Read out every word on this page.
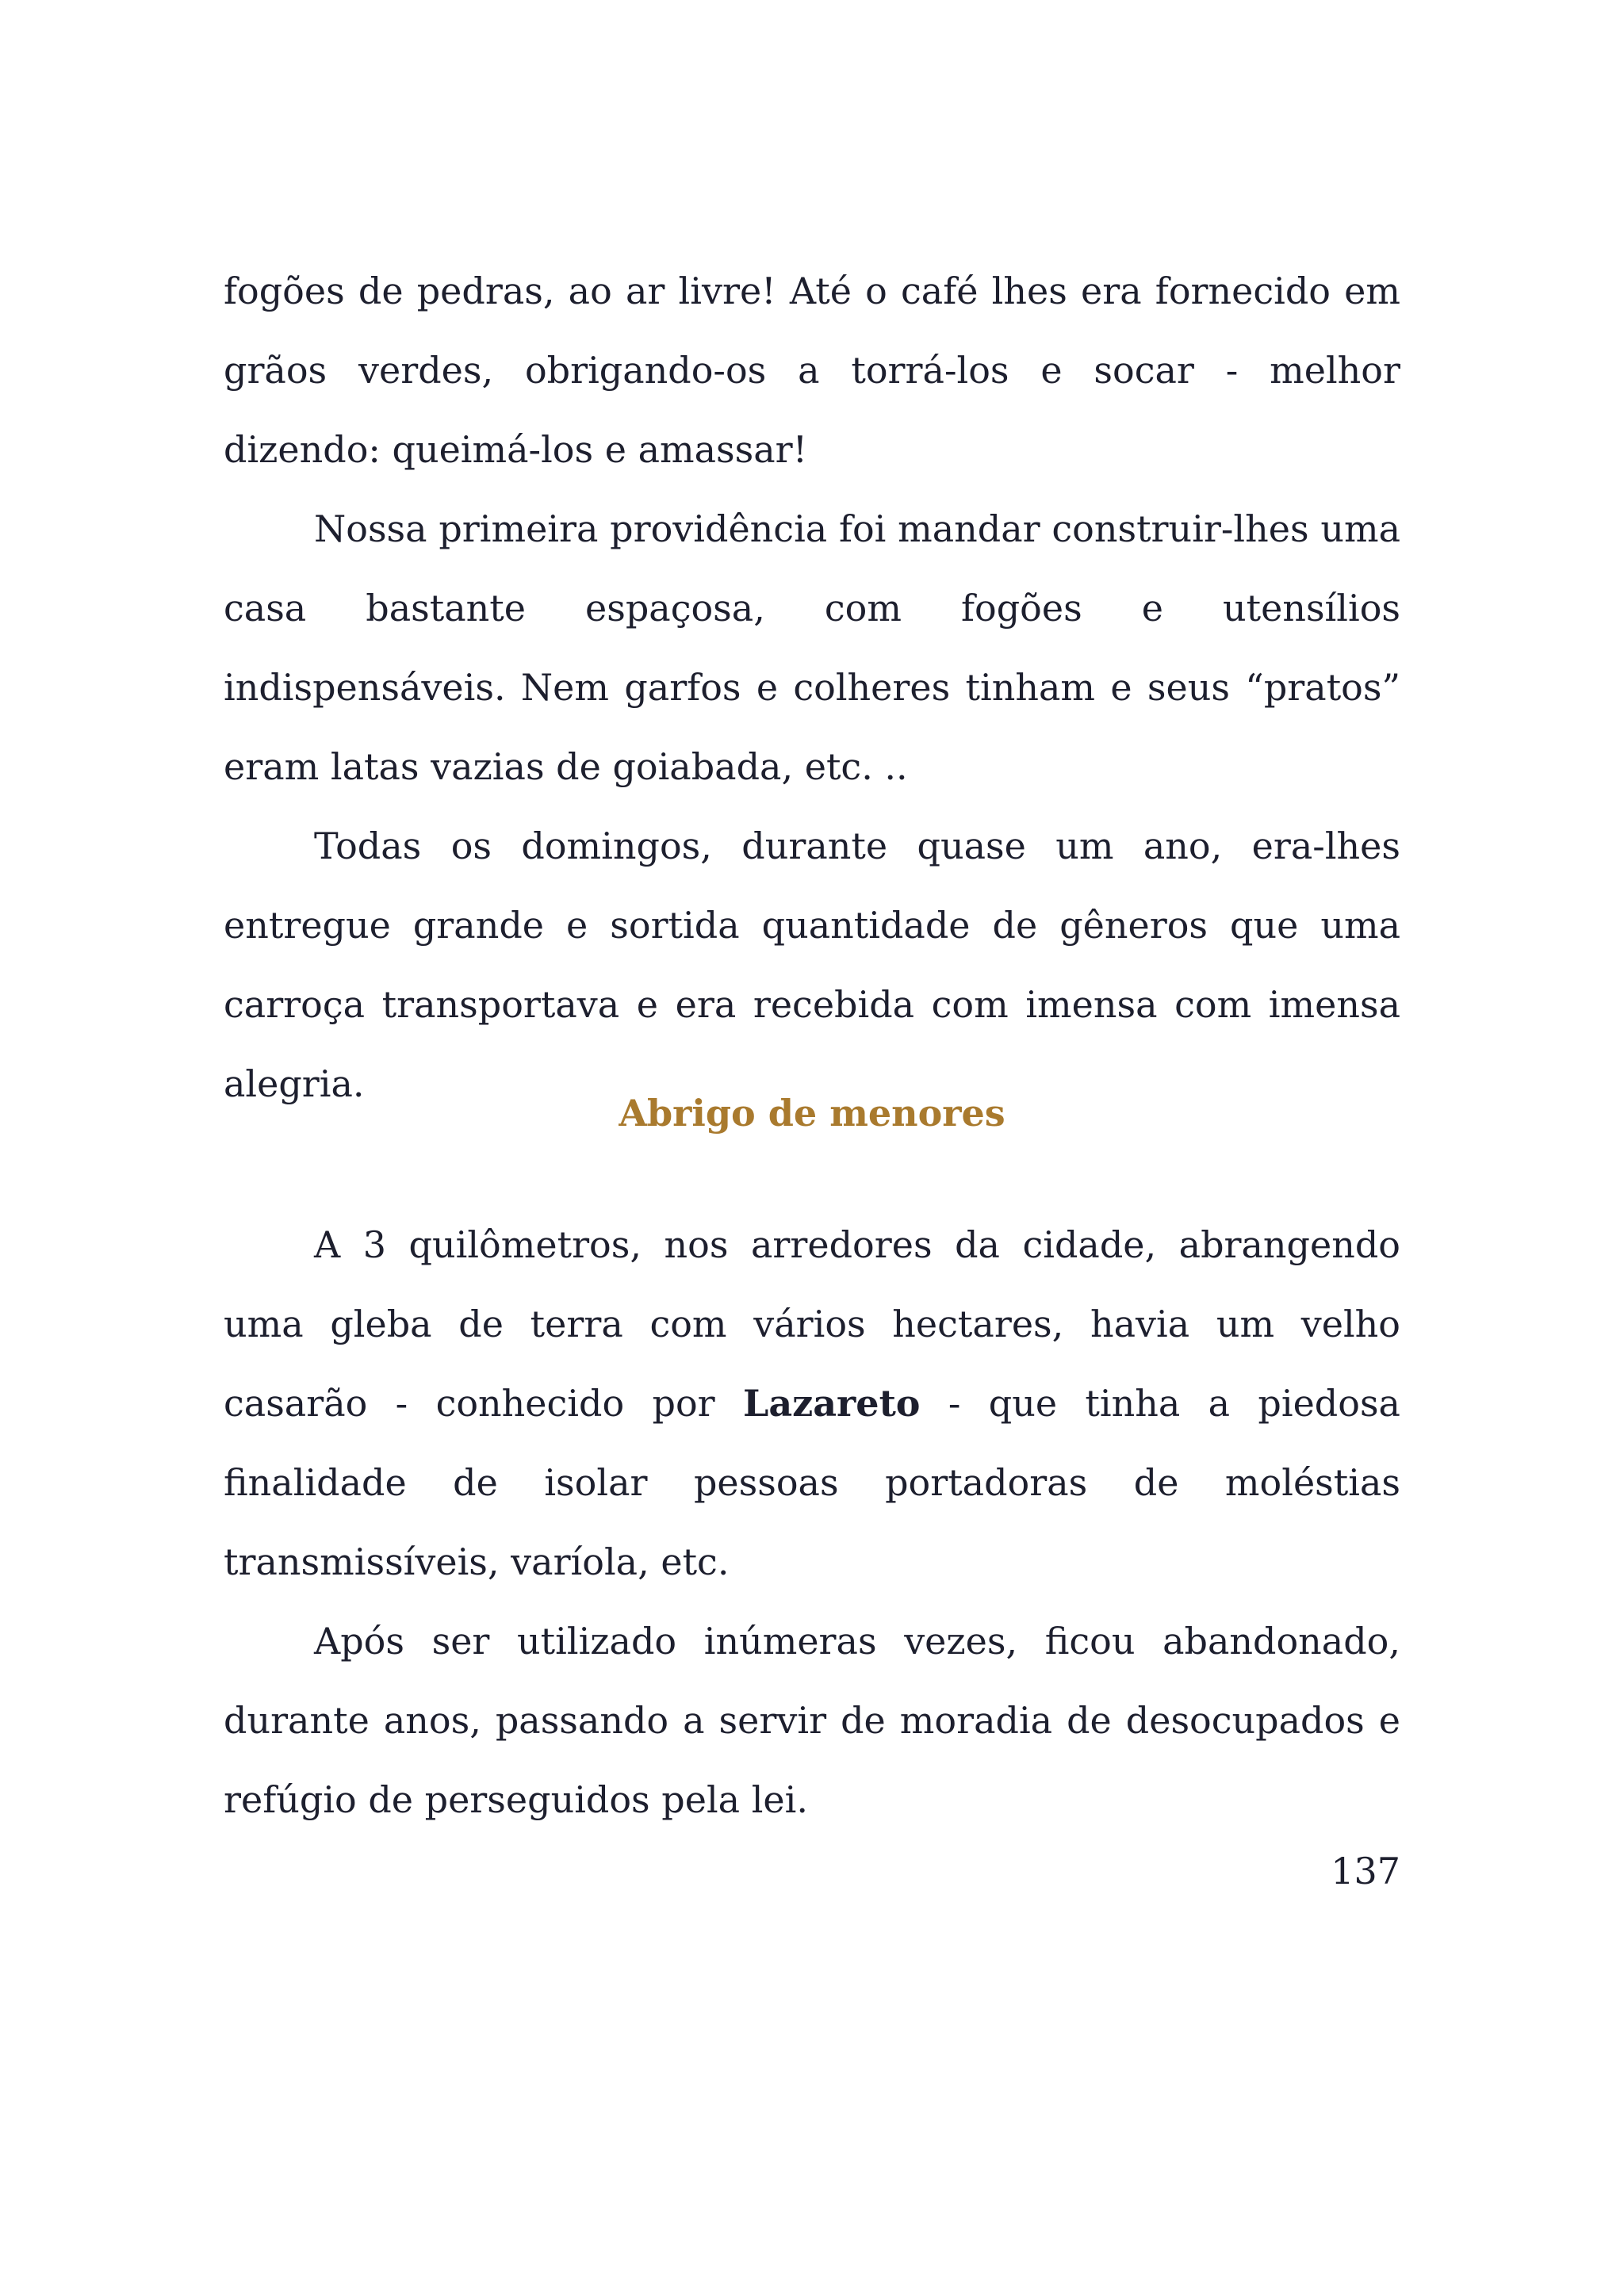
fogões de pedras, ao ar livre! Até o café lhes era fornecido em grãos verdes, obrigando-os a torrá-los e socar - melhor dizendo: queimá-los e amassar!

Nossa primeira providência foi mandar construir-lhes uma casa bastante espaçosa, com fogões e utensílios indispensáveis. Nem garfos e colheres tinham e seus “pratos” eram latas vazias de goiabada, etc. ..

Todas os domingos, durante quase um ano, era-lhes entregue grande e sortida quantidade de gêneros que uma carroça transportava e era recebida com imensa com imensa alegria.

Abrigo de menores

A 3 quilômetros, nos arredores da cidade, abrangendo uma gleba de terra com vários hectares, havia um velho casarão - conhecido por Lazareto - que tinha a piedosa finalidade de isolar pessoas portadoras de moléstias transmissíveis, varíola, etc.

Após ser utilizado inúmeras vezes, ficou abandonado, durante anos, passando a servir de moradia de desocupados e refúgio de perseguidos pela lei.

137
